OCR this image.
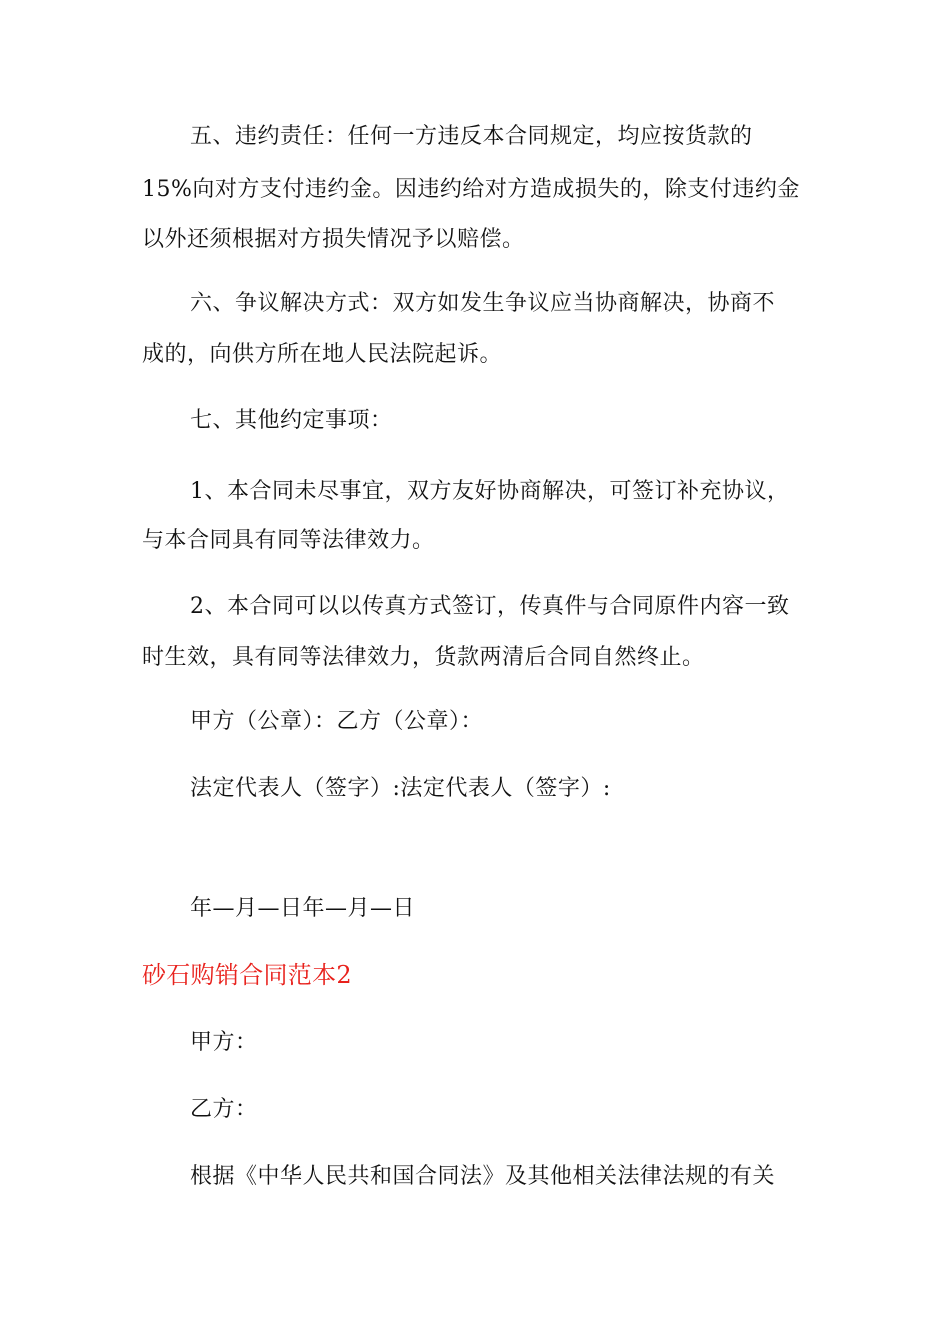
五、违约责任：任何一方违反本合同规定，均应按货款的
15%向对方支付违约金。因违约给对方造成损失的，除支付违约金
以外还须根据对方损失情况予以赔偿。
六、争议解决方式：双方如发生争议应当协商解决，协商不
成的，向供方所在地人民法院起诉。
七、其他约定事项：
1、本合同未尽事宜，双方友好协商解决，可签订补充协议，
与本合同具有同等法律效力。
2、本合同可以以传真方式签订，传真件与合同原件内容一致
时生效，具有同等法律效力，货款两清后合同自然终止。
甲方（公章）：乙方（公章）：
法定代表人（签字）:法定代表人（签字）:
年—月—日年—月—日
砂石购销合同范本2
甲方：
乙方：
根据《中华人民共和国合同法》及其他相关法律法规的有关
